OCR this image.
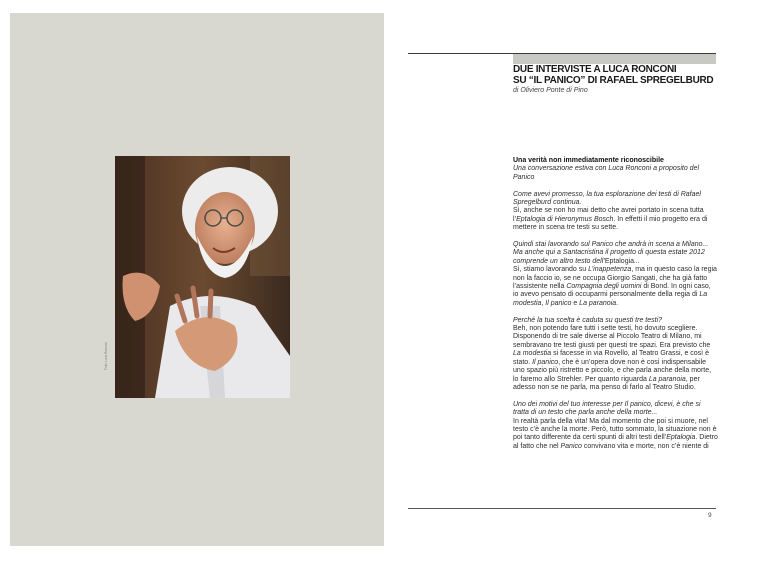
Foto: Luca Ronconi
DUE INTERVISTE A LUCA RONCONI
SU “IL PANICO” DI RAFAEL SPREGELBURD

di Oliviero Ponte di Pino

Una verità non immediatamente riconoscibile
Una conversazione estiva con Luca Ronconi a proposito del Panico

Come avevi promesso, la tua esplorazione dei testi di Rafael Spregelburd continua.
Sì, anche se non ho mai detto che avrei portato in scena tutta l’Eptalogia di Hieronymus Bosch. In effetti il mio progetto era di mettere in scena tre testi su sette.

Quindi stai lavorando sul Panico che andrà in scena a Milano... Ma anche qui a Santacristina il progetto di questa estate 2012 comprende un altro testo dell’Eptalogia...
Sì, stiamo lavorando su L’inappetenza, ma in questo caso la regia non la faccio io, se ne occupa Giorgio Sangati, che ha già fatto l’assistente nella Compagnia degli uomini di Bond. In ogni caso, io avevo pensato di occuparmi personalmente della regia di La modestia, Il panico e La paranoia.

Perché la tua scelta è caduta su questi tre testi?
Beh, non potendo fare tutti i sette testi, ho dovuto scegliere. Disponendo di tre sale diverse al Piccolo Teatro di Milano, mi sembravano tre testi giusti per questi tre spazi. Era previsto che La modestia si facesse in via Rovello, al Teatro Grassi, e così è stato. Il panico, che è un’opera dove non è così indispensabile uno spazio più ristretto e piccolo, e che parla anche della morte, lo faremo allo Strehler. Per quanto riguarda La paranoia, per adesso non se ne parla, ma penso di farlo al Teatro Studio.

Uno dei motivi del tuo interesse per Il panico, dicevi, è che si tratta di un testo che parla anche della morte...
In realtà parla della vita! Ma dal momento che poi si muore, nel testo c’è anche la morte. Però, tutto sommato, la situazione non è poi tanto differente da certi spunti di altri testi dell’Eptalogia. Dietro al fatto che nel Panico convivano vita e morte, non c’è niente di

9
